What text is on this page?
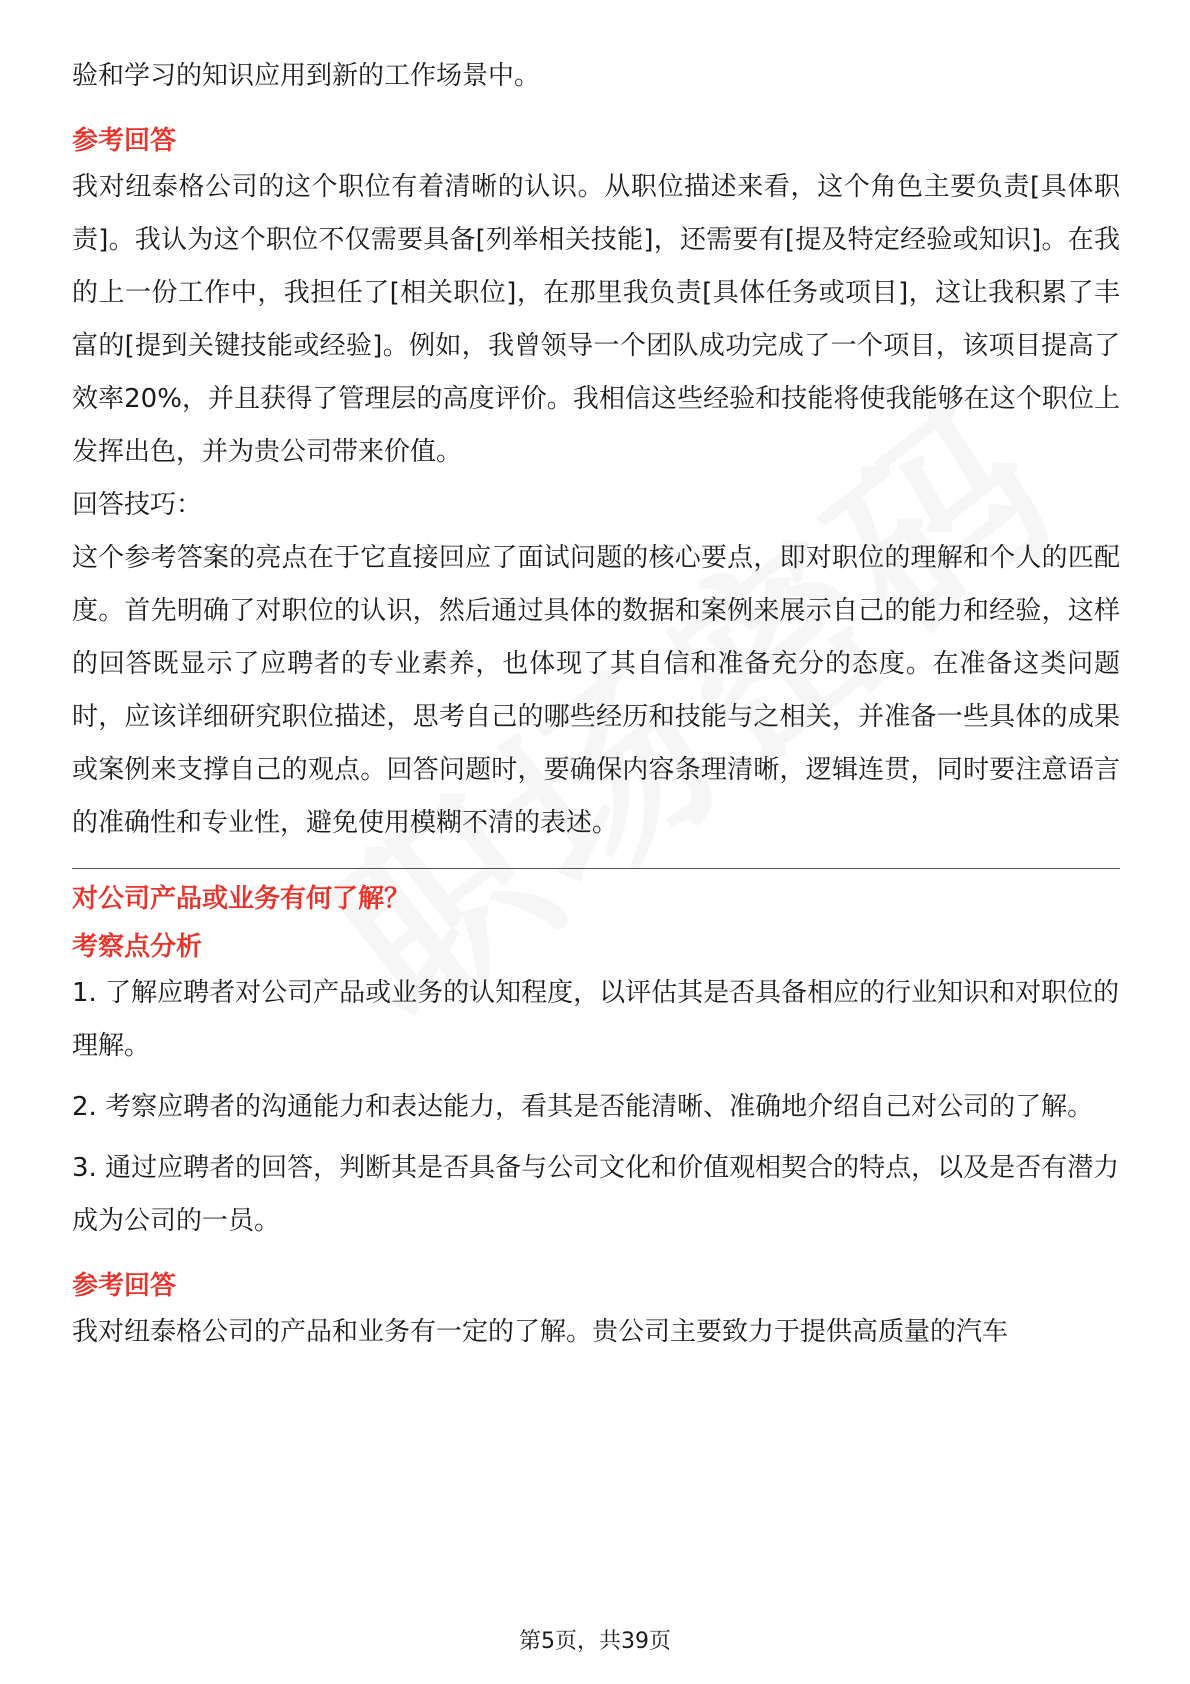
验和学习的知识应用到新的工作场景中。

参考回答

我对纽泰格公司的这个职位有着清晰的认识。从职位描述来看，这个角色主要负责[具体职责]。我认为这个职位不仅需要具备[列举相关技能]，还需要有[提及特定经验或知识]。在我的上一份工作中，我担任了[相关职位]，在那里我负责[具体任务或项目]，这让我积累了丰富的[提到关键技能或经验]。例如，我曾领导一个团队成功完成了一个项目，该项目提高了效率20%，并且获得了管理层的高度评价。我相信这些经验和技能将使我能够在这个职位上发挥出色，并为贵公司带来价值。

回答技巧：

这个参考答案的亮点在于它直接回应了面试问题的核心要点，即对职位的理解和个人的匹配度。首先明确了对职位的认识，然后通过具体的数据和案例来展示自己的能力和经验，这样的回答既显示了应聘者的专业素养，也体现了其自信和准备充分的态度。在准备这类问题时，应该详细研究职位描述，思考自己的哪些经历和技能与之相关，并准备一些具体的成果或案例来支撑自己的观点。回答问题时，要确保内容条理清晰，逻辑连贯，同时要注意语言的准确性和专业性，避免使用模糊不清的表述。

对公司产品或业务有何了解？

考察点分析

1. 了解应聘者对公司产品或业务的认知程度，以评估其是否具备相应的行业知识和对职位的理解。

2. 考察应聘者的沟通能力和表达能力，看其是否能清晰、准确地介绍自己对公司的了解。

3. 通过应聘者的回答，判断其是否具备与公司文化和价值观相契合的特点，以及是否有潜力成为公司的一员。

参考回答

我对纽泰格公司的产品和业务有一定的了解。贵公司主要致力于提供高质量的汽车

第5页，共39页
